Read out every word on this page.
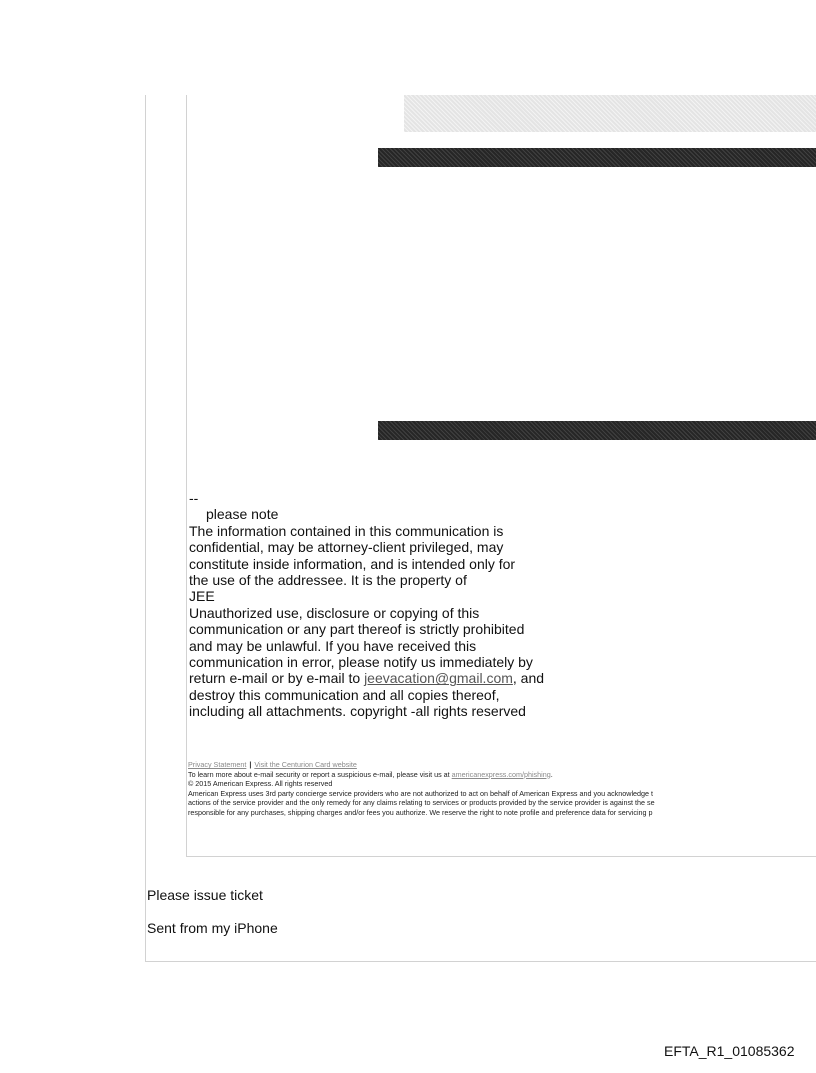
--
please note
The information contained in this communication is
confidential, may be attorney-client privileged, may
constitute inside information, and is intended only for
the use of the addressee. It is the property of
JEE
Unauthorized use, disclosure or copying of this
communication or any part thereof is strictly prohibited
and may be unlawful. If you have received this
communication in error, please notify us immediately by
return e-mail or by e-mail to jeevacation@gmail.com, and
destroy this communication and all copies thereof,
including all attachments. copyright -all rights reserved
Privacy Statement | Visit the Centurion Card website
To learn more about e-mail security or report a suspicious e-mail, please visit us at americanexpress.com/phishing.
© 2015 American Express. All rights reserved
American Express uses 3rd party concierge service providers who are not authorized to act on behalf of American Express and you acknowledge t
actions of the service provider and the only remedy for any claims relating to services or products provided by the service provider is against the se
responsible for any purchases, shipping charges and/or fees you authorize. We reserve the right to note profile and preference data for servicing p
Please issue ticket
Sent from my iPhone
EFTA_R1_01085362
